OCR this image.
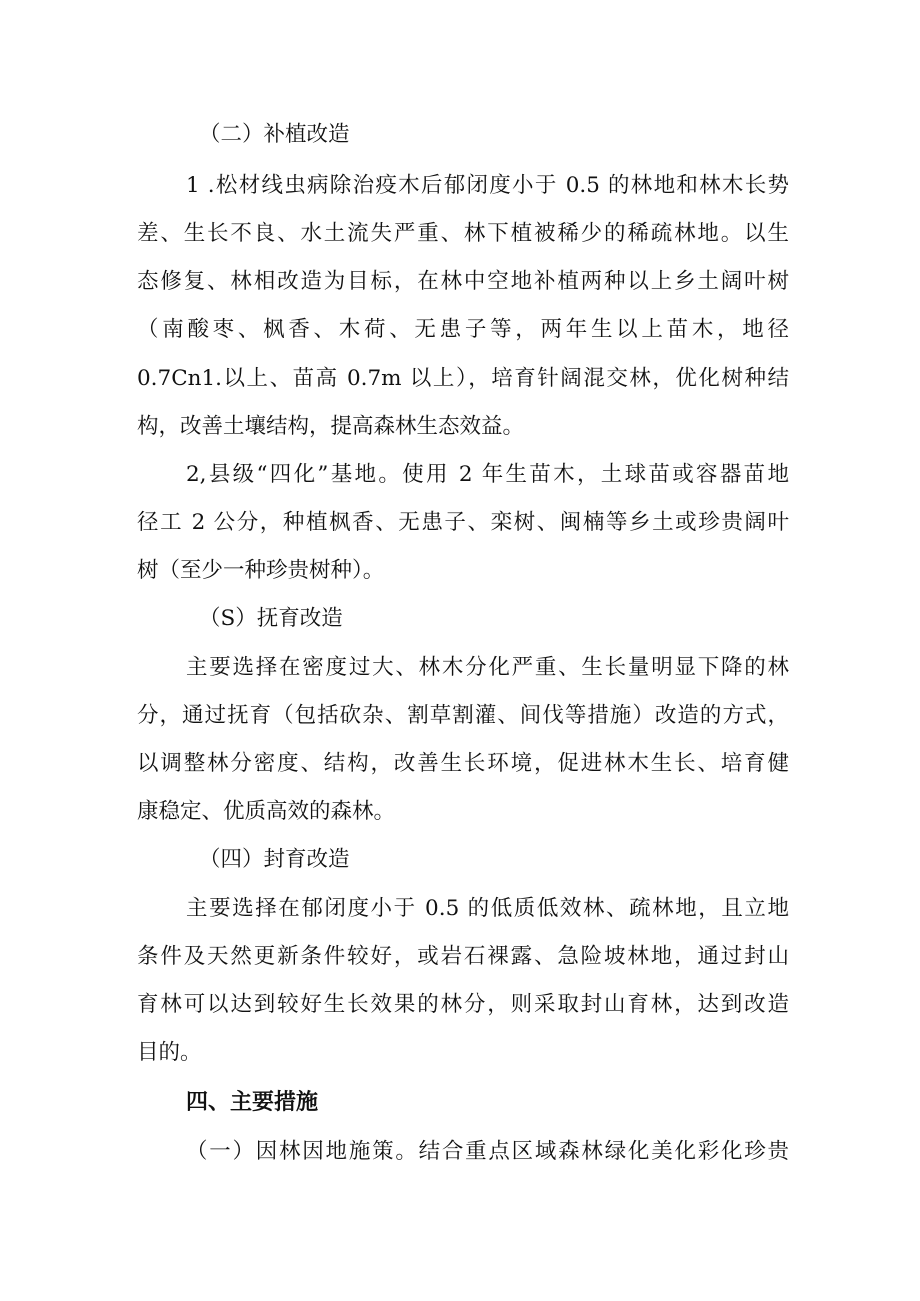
（二）补植改造

1 .松材线虫病除治疫木后郁闭度小于 0.5 的林地和林木长势

差、生长不良、水土流失严重、林下植被稀少的稀疏林地。以生

态修复、林相改造为目标，在林中空地补植两种以上乡土阔叶树

（南酸枣、枫香、木荷、无患子等，两年生以上苗木，地径

0.7Cn1.以上、苗高 0.7m 以上），培育针阔混交林，优化树种结

构，改善土壤结构，提高森林生态效益。

2,县级“四化”基地。使用 2 年生苗木，土球苗或容器苗地

径工 2 公分，种植枫香、无患子、栾树、闽楠等乡土或珍贵阔叶

树（至少一种珍贵树种）。

（S）抚育改造

主要选择在密度过大、林木分化严重、生长量明显下降的林

分，通过抚育（包括砍杂、割草割灌、间伐等措施）改造的方式，

以调整林分密度、结构，改善生长环境，促进林木生长、培育健

康稳定、优质高效的森林。

（四）封育改造

主要选择在郁闭度小于 0.5 的低质低效林、疏林地，且立地

条件及天然更新条件较好，或岩石裸露、急险坡林地，通过封山

育林可以达到较好生长效果的林分，则采取封山育林，达到改造

目的。

四、主要措施

（一）因林因地施策。结合重点区域森林绿化美化彩化珍贵
